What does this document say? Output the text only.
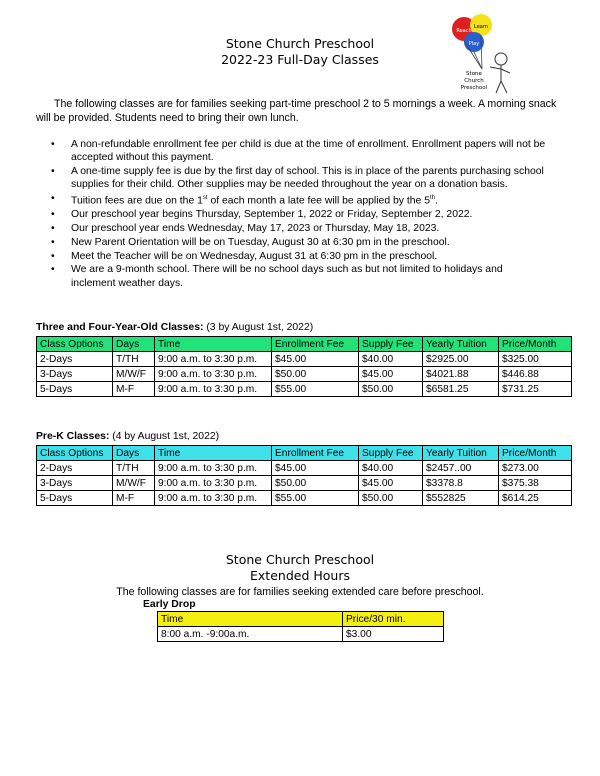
Stone Church Preschool
2022-23 Full-Day Classes
Reach
Learn
Play
Stone
Church
Preschool
The following classes are for families seeking part-time preschool 2 to 5 mornings a week. A morning snack will be provided. Students need to bring their own lunch.
• A non-refundable enrollment fee per child is due at the time of enrollment. Enrollment papers will not be accepted without this payment.
• A one-time supply fee is due by the first day of school. This is in place of the parents purchasing school supplies for their child. Other supplies may be needed throughout the year on a donation basis.
• Tuition fees are due on the 1st of each month a late fee will be applied by the 5th.
• Our preschool year begins Thursday, September 1, 2022 or Friday, September 2, 2022.
• Our preschool year ends Wednesday, May 17, 2023 or Thursday, May 18, 2023.
• New Parent Orientation will be on Tuesday, August 30 at 6:30 pm in the preschool.
• Meet the Teacher will be on Wednesday, August 31 at 6:30 pm in the preschool.
• We are a 9-month school. There will be no school days such as but not limited to holidays and inclement weather days.
Three and Four-Year-Old Classes: (3 by August 1st, 2022)
Class Options	Days	Time	Enrollment Fee	Supply Fee	Yearly Tuition	Price/Month
2-Days	T/TH	9:00 a.m. to 3:30 p.m.	$45.00	$40.00	$2925.00	$325.00
3-Days	M/W/F	9:00 a.m. to 3:30 p.m.	$50.00	$45.00	$4021.88	$446.88
5-Days	M-F	9:00 a.m. to 3:30 p.m.	$55.00	$50.00	$6581.25	$731.25
Pre-K Classes: (4 by August 1st, 2022)
Class Options	Days	Time	Enrollment Fee	Supply Fee	Yearly Tuition	Price/Month
2-Days	T/TH	9:00 a.m. to 3:30 p.m.	$45.00	$40.00	$2457..00	$273.00
3-Days	M/W/F	9:00 a.m. to 3:30 p.m.	$50.00	$45.00	$3378.8	$375.38
5-Days	M-F	9:00 a.m. to 3:30 p.m.	$55.00	$50.00	$552825	$614.25
Stone Church Preschool
Extended Hours
The following classes are for families seeking extended care before preschool.
Early Drop
Time	Price/30 min.
8:00 a.m. -9:00a.m.	$3.00
